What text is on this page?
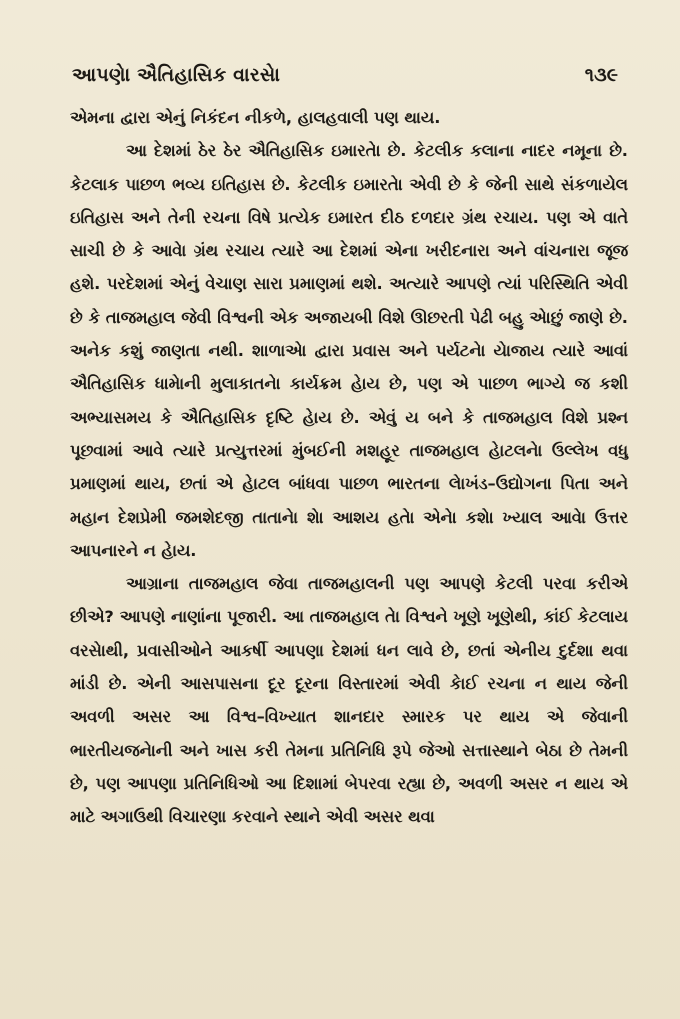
આપણેા ઐતિહાસિક વારસેા	૧૩૯

એમના દ્વારા એનું નિકંદન નીકળે, હાલહવાલી પણ થાય.

આ દેશમાં ઠેર ઠેર ઐતિહાસિક ઇમારતેા છે. કેટલીક કલાના નાદર નમૂના છે. કેટલાક પાછળ ભવ્ય ઇતિહાસ છે. કેટલીક ઇમારતેા એવી છે કે જેની સાથે સંકળાયેલ ઇતિહાસ અને તેની રચના વિષે પ્રત્યેક ઇમારત દીઠ દળદાર ગ્રંથ રચાય. પણ એ વાતે સાચી છે કે આવેા ગ્રંથ રચાય ત્યારે આ દેશમાં એના ખરીદનારા અને વાંચનારા જૂજ હશે. પરદેશમાં એનું વેચાણ સારા પ્રમાણમાં થશે. અત્યારે આપણે ત્યાં પરિસ્થિતિ એવી છે કે તાજમહાલ જેવી વિશ્વની એક અજાયબી વિશે ઊછરતી પેઢી બહુ એાછું જાણે છે. અનેક કશું જાણતા નથી. શાળાએા દ્વારા પ્રવાસ અને પર્યટનેા યેાજાય ત્યારે આવાં ઐતિહાસિક ધામેાની મુલાકાતનેા કાર્યક્રમ હેાય છે, પણ એ પાછળ ભાગ્યે જ કશી અભ્યાસમય કે ઐતિહાસિક દૃષ્ટિ હેાય છે. એવું ય બને કે તાજમહાલ વિશે પ્રશ્ન પૂછવામાં આવે ત્યારે પ્રત્યુત્તરમાં મુંબઈની મશહૂર તાજમહાલ હેાટલનેા ઉલ્લેખ વધુ પ્રમાણમાં થાય, છતાં એ હેાટલ બાંધવા પાછળ ભારતના લેાખંડ–ઉદ્યોગના પિતા અને મહાન દેશપ્રેમી જમશેદજી તાતાનેા શેા આશય હતેા એનેા કશેા ખ્યાલ આવેા ઉત્તર આપનારને ન હેાય.

આગ્રાના તાજમહાલ જેવા તાજમહાલની પણ આપણે કેટલી પરવા કરીએ છીએ? આપણે નાણાંના પૂજારી. આ તાજમહાલ તેા વિશ્વને ખૂણે ખૂણેથી, કાંઈ કેટલાય વરસેાથી, પ્રવાસીઓને આકર્ષી આપણા દેશમાં ધન લાવે છે, છતાં એનીય દુર્દશા થવા માંડી છે. એની આસપાસના દૂર દૂરના વિસ્તારમાં એવી કેાઈ રચના ન થાય જેની અવળી અસર આ વિશ્વ–વિખ્યાત શાનદાર સ્મારક પર થાય એ જેવાની ભારતીયજનેાની અને ખાસ કરી તેમના પ્રતિનિધિ રૂપે જેઓ સત્તાસ્થાને બેઠા છે તેમની છે, પણ આપણા પ્રતિનિધિઓ આ દિશામાં બેપરવા રહ્યા છે, અવળી અસર ન થાય એ માટે અગાઉથી વિચારણા કરવાને સ્થાને એવી અસર થવા
